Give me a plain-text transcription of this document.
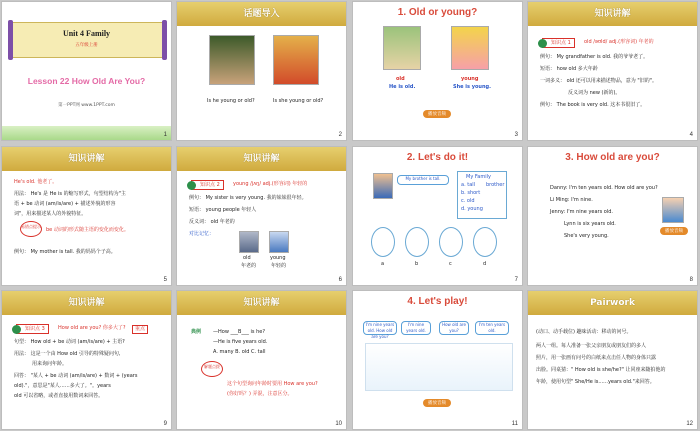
Unit 4 Family
五年级上册
Lesson 22 How Old Are You?
第一PPT网 www.1PPT.com
1
话题导入
Is he young or old?	Is she young or old?
2
1. Old or young?
old
He is old.
young
She is young.
播放音频
3
知识讲解
知识点 1	old /əʊld/ adj.(形容词) 年老的
例句： My grandfather is old. 我的爷爷老了。
短语： how old 多大年龄
一词多义： old 还可以用来描述物品，意为 "旧的"。
反义词为 new (新的)。
例句： The book is very old. 这本书很旧了。
4
知识讲解
He's old. 他老了。
用法： He's 是 He is 的缩写形式，句型结构为"主
语 + be 动词 (am/is/are) + 描述外貌的形容
词"，用来描述某人的外貌特征。
易错点提示
be 动词的形式随主语的变化而变化。
例句： My mother is tall. 我的妈妈个子高。
5
知识讲解
知识点 2	young /jʌŋ/ adj.(形容词) 年轻的
例句： My sister is very young. 我的妹妹很年轻。
短语： young people 年轻人
反义词： old 年老的
对比记忆：
old
年老的
young
年轻的
6
2. Let's do it!
My brother is tall.	My Family
a. tall brother
b. short
c. old
d. young
a	b	c	d
7
3. How old are you?
Danny: I'm ten years old. How old are you?
Li Ming: I'm nine.
Jenny: I'm nine years old.
Lynn is six years old.
She's very young.
播放音频
8
知识讲解
知识点 3	How old are you? 你多大了?	重点
句型： How old + be 动词 (am/is/are) + 主语?
用法： 这是一个由 How old 引导的特殊疑问句,
用来询问年龄。
回答： "某人 + be 动词 (am/is/are) + 数词 + (years
old)."，意思是"某人……多大了。"。years
old 可以省略，或者直接用数词来回答。
9
知识讲解
典例 —How ___B___ is he?
—He is five years old.
A. many B. old C. tall
解题点拨
这个句型询问年龄时要用 How are you?
(你好吗？) 弄混，注意区分。
10
4. Let's play!
I'm nine years old. How old are you?
I'm nine years old.
How old are you?
I'm ten years old.
播放音频
11
Pairwork
(动口、动手载位) 趣味活动：移动的问号。
两人一组。每人准备一张父亲朋友或朋友们的多人
照片，用一张画有问号的白纸来点击任人物的身体只露
出脸。同桌猜：" How old is she/he?" 让同座来随拍他的
年龄，使用句型" She/He is......years old."来回答。
12
